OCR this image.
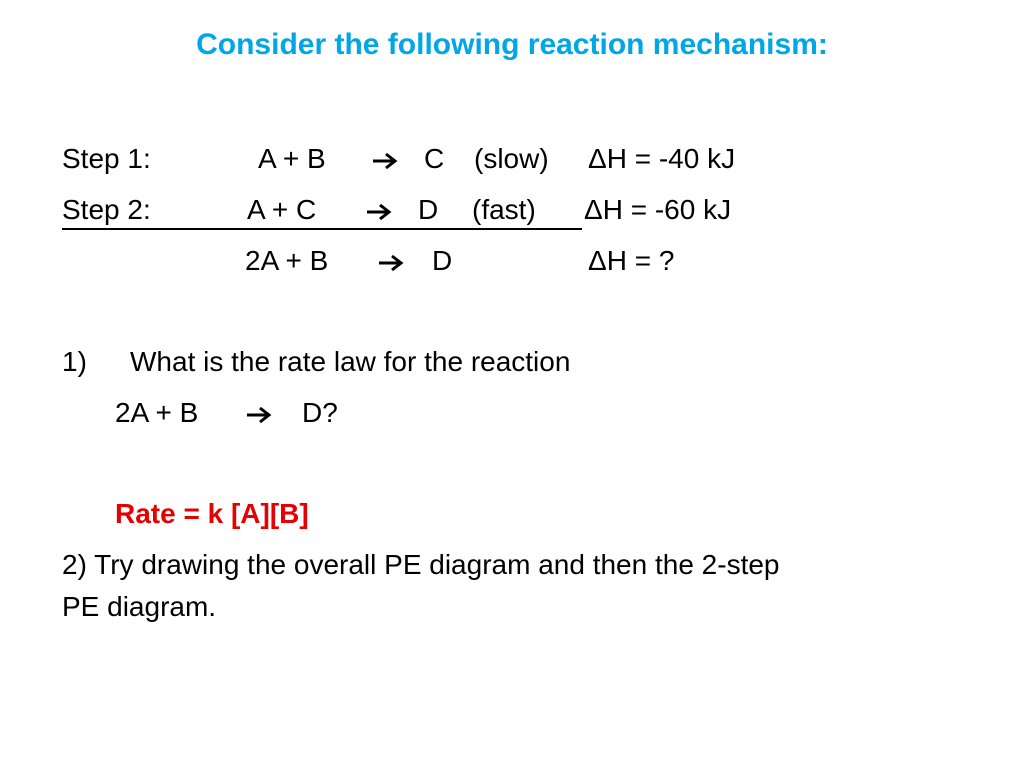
Consider the following reaction mechanism:
Step 1:	A + B	C (slow) ΔH = -40 kJ
Step 2:	A + C	D (fast) ΔH = -60 kJ
2A + B	D	ΔH = ?
1) What is the rate law for the reaction
2A + B	D?
Rate = k [A][B]
2) Try drawing the overall PE diagram and then the 2-step
PE diagram.
